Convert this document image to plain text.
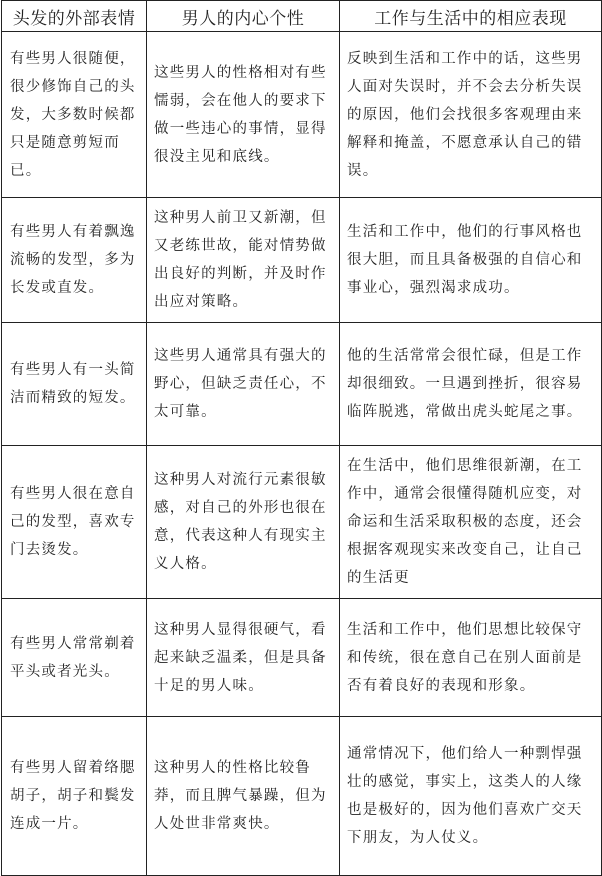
头发的外部表情	男人的内心个性	工作与生活中的相应表现

有些男人很随便，很少修饰自己的头发，大多数时候都只是随意剪短而已。	这些男人的性格相对有些懦弱，会在他人的要求下做一些违心的事情，显得很没主见和底线。	反映到生活和工作中的话，这些男人面对失误时，并不会去分析失误的原因，他们会找很多客观理由来解释和掩盖，不愿意承认自己的错误。

有些男人有着飘逸流畅的发型，多为长发或直发。	这种男人前卫又新潮，但又老练世故，能对情势做出良好的判断，并及时作出应对策略。	生活和工作中，他们的行事风格也很大胆，而且具备极强的自信心和事业心，强烈渴求成功。

有些男人有一头简洁而精致的短发。	这些男人通常具有强大的野心，但缺乏责任心，不太可靠。	他的生活常常会很忙碌，但是工作却很细致。一旦遇到挫折，很容易临阵脱逃，常做出虎头蛇尾之事。

有些男人很在意自己的发型，喜欢专门去烫发。	这种男人对流行元素很敏感，对自己的外形也很在意，代表这种人有现实主义人格。	在生活中，他们思维很新潮，在工作中，通常会很懂得随机应变，对命运和生活采取积极的态度，还会根据客观现实来改变自己，让自己的生活更

有些男人常常剃着平头或者光头。	这种男人显得很硬气，看起来缺乏温柔，但是具备十足的男人味。	生活和工作中，他们思想比较保守和传统，很在意自己在别人面前是否有着良好的表现和形象。

有些男人留着络腮胡子，胡子和鬓发连成一片。	这种男人的性格比较鲁莽，而且脾气暴躁，但为人处世非常爽快。	通常情况下，他们给人一种剽悍强壮的感觉，事实上，这类人的人缘也是极好的，因为他们喜欢广交天下朋友，为人仗义。
